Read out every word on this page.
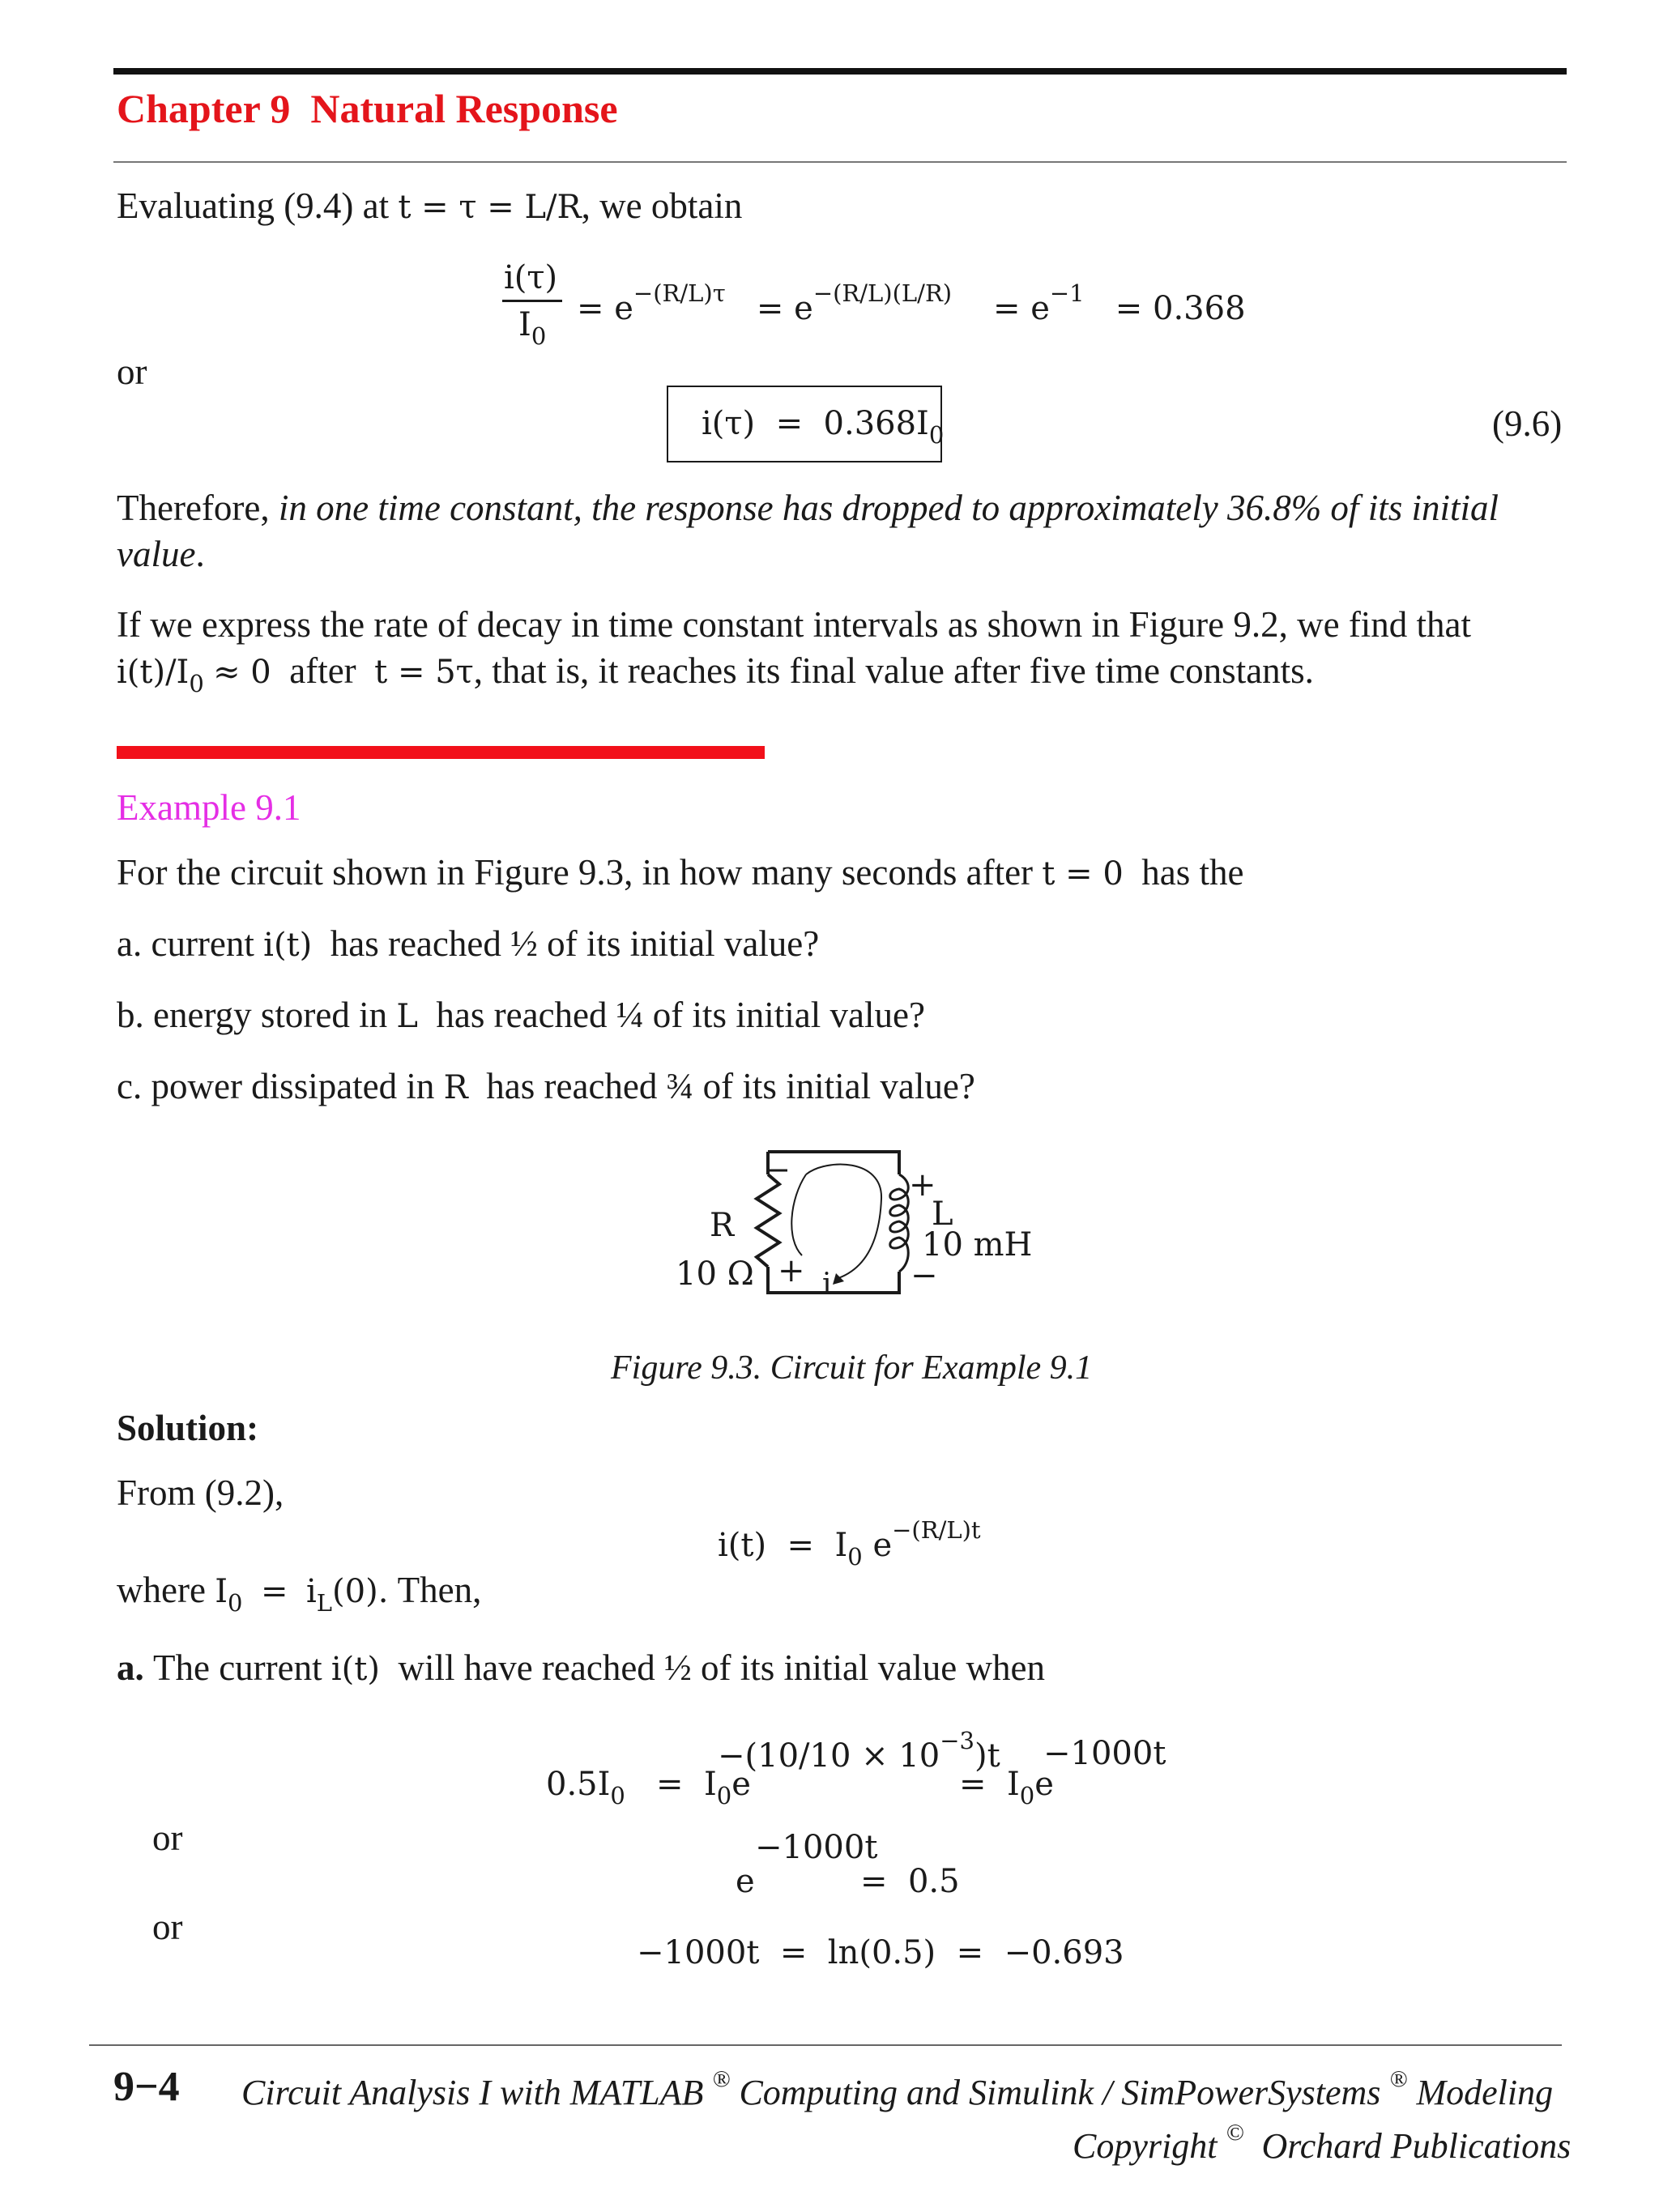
Chapter 9 Natural Response
Evaluating (9.4) at t = τ = L/R, we obtain
i(τ)
$I_0$
= $e^{-(R/L)\tau} = e^{-(R/L)(L/R)} = e^{-1} = 0.368$
or
$i(\tau) = 0.368I_0$	(9.6)
Therefore, in one time constant, the response has dropped to approximately 36.8% of its initial
value.
If we express the rate of decay in time constant intervals as shown in Figure 9.2, we find that
$i(t)/I_0 \approx 0$ after t = 5τ, that is, it reaches its final value after five time constants.
Example 9.1
For the circuit shown in Figure 9.3, in how many seconds after t = 0 has the
a. current i(t) has reached ½ of its initial value?
b. energy stored in L has reached ¼ of its initial value?
c. power dissipated in R has reached ¾ of its initial value?
R
10 Ω + i
+
L
10 mH
−
Figure 9.3. Circuit for Example 9.1
Solution:
From (9.2),
$i(t) = I_0$ $e^{-(R/L)t}$
where $I_0 = i_L(0)$. Then,
a. The current i(t) will have reached ½ of its initial value when
$0.5I_0 = I_0e$
$-(10/10 \times 10^{-3})t$
= $I_0e$
−1000t
or
e
−1000t
= 0.5
or
−1000t = ln(0.5) = −0.693
9−4 Circuit Analysis I with MATLAB ® Computing and Simulink / SimPowerSystems ® Modeling
Copyright © Orchard Publications
